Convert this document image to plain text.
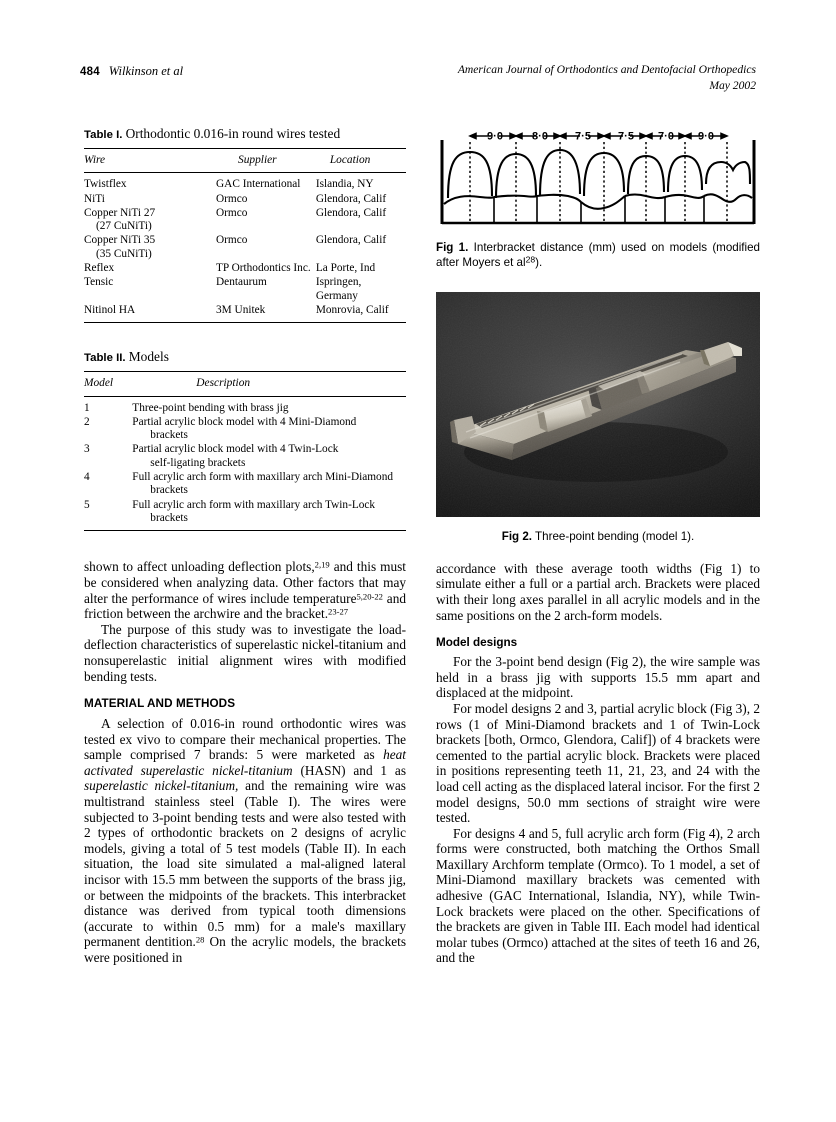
484 Wilkinson et al	American Journal of Orthodontics and Dentofacial Orthopedics
May 2002
Table I. Orthodontic 0.016-in round wires tested
Wire	Supplier	Location
Twistflex	GAC International	Islandia, NY
NiTi	Ormco	Glendora, Calif
Copper NiTi 27
(27 CuNiTi)	Ormco	Glendora, Calif
Copper NiTi 35
(35 CuNiTi)	Ormco	Glendora, Calif
Reflex	TP Orthodontics Inc.	La Porte, Ind
Tensic	Dentaurum	Ispringen, Germany
Nitinol HA	3M Unitek	Monrovia, Calif
Table II. Models
Model	Description
1	Three-point bending with brass jig
2	Partial acrylic block model with 4 Mini-Diamond
brackets

3	Partial acrylic block model with 4 Twin-Lock
self-ligating brackets

4	Full acrylic arch form with maxillary arch Mini-Diamond
brackets

5	Full acrylic arch form with maxillary arch Twin-Lock
brackets

shown to affect unloading deflection plots,$^{2,19}$ and this must be considered when analyzing data. Other factors that may alter the performance of wires include temperature$^{5,20-22}$ and friction between the archwire and the bracket.$^{23-27}$

The purpose of this study was to investigate the load-deflection characteristics of superelastic nickel-titanium and nonsuperelastic initial alignment wires with modified bending tests.

MATERIAL AND METHODS

A selection of 0.016-in round orthodontic wires was tested ex vivo to compare their mechanical properties. The sample comprised 7 brands: 5 were marketed as heat activated superelastic nickel-titanium (HASN) and 1 as superelastic nickel-titanium, and the remaining wire was multistrand stainless steel (Table I). The wires were subjected to 3-point bending tests and were also tested with 2 types of orthodontic brackets on 2 designs of acrylic models, giving a total of 5 test models (Table II). In each situation, the load site simulated a mal-aligned lateral incisor with 15.5 mm between the supports of the brass jig, or between the midpoints of the brackets. This interbracket distance was derived from typical tooth dimensions (accurate to within 0.5 mm) for a male's maxillary permanent dentition.$^{28}$ On the acrylic models, the brackets were positioned in

9·0	8·0 7·5 7·5 7·0 9·0

Fig 1. Interbracket distance (mm) used on models (modified after Moyers et $al^{28}$).

Fig 2. Three-point bending (model 1).

accordance with these average tooth widths (Fig 1) to simulate either a full or a partial arch. Brackets were placed with their long axes parallel in all acrylic models and in the same positions on the 2 arch-form models.

Model designs

For the 3-point bend design (Fig 2), the wire sample was held in a brass jig with supports 15.5 mm apart and displaced at the midpoint.

For model designs 2 and 3, partial acrylic block (Fig 3), 2 rows (1 of Mini-Diamond brackets and 1 of Twin-Lock brackets [both, Ormco, Glendora, Calif]) of 4 brackets were cemented to the partial acrylic block. Brackets were placed in positions representing teeth 11, 21, 23, and 24 with the load cell acting as the displaced lateral incisor. For the first 2 model designs, 50.0 mm sections of straight wire were tested.

For designs 4 and 5, full acrylic arch form (Fig 4), 2 arch forms were constructed, both matching the Orthos Small Maxillary Archform template (Ormco). To 1 model, a set of Mini-Diamond maxillary brackets was cemented with adhesive (GAC International, Islandia, NY), while Twin-Lock brackets were placed on the other. Specifications of the brackets are given in Table III. Each model had identical molar tubes (Ormco) attached at the sites of teeth 16 and 26, and the
